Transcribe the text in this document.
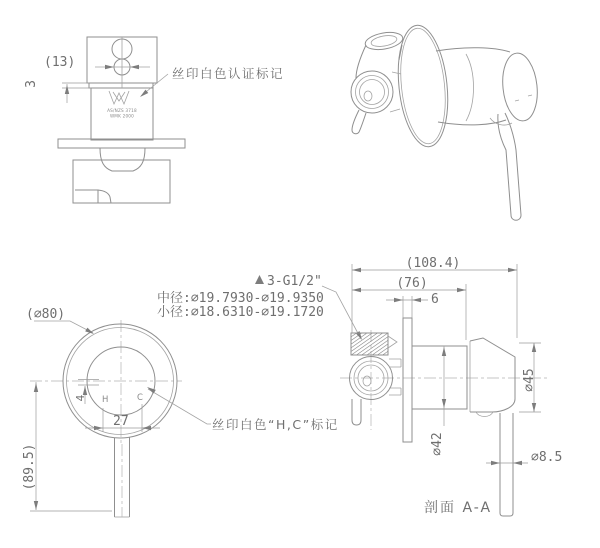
(13)
3
AS/NZS 3718
WMK 2000
丝印白色认证标记
3-G1/2"
中径:∅19.7930-∅19.9350
小径:∅18.6310-∅19.1720
(∅80)
(89.5)
27
4 H	C
丝印白色“H,C”标记
(108.4)
(76)
6
∅45
∅42
∅8.5
剖面 A-A
